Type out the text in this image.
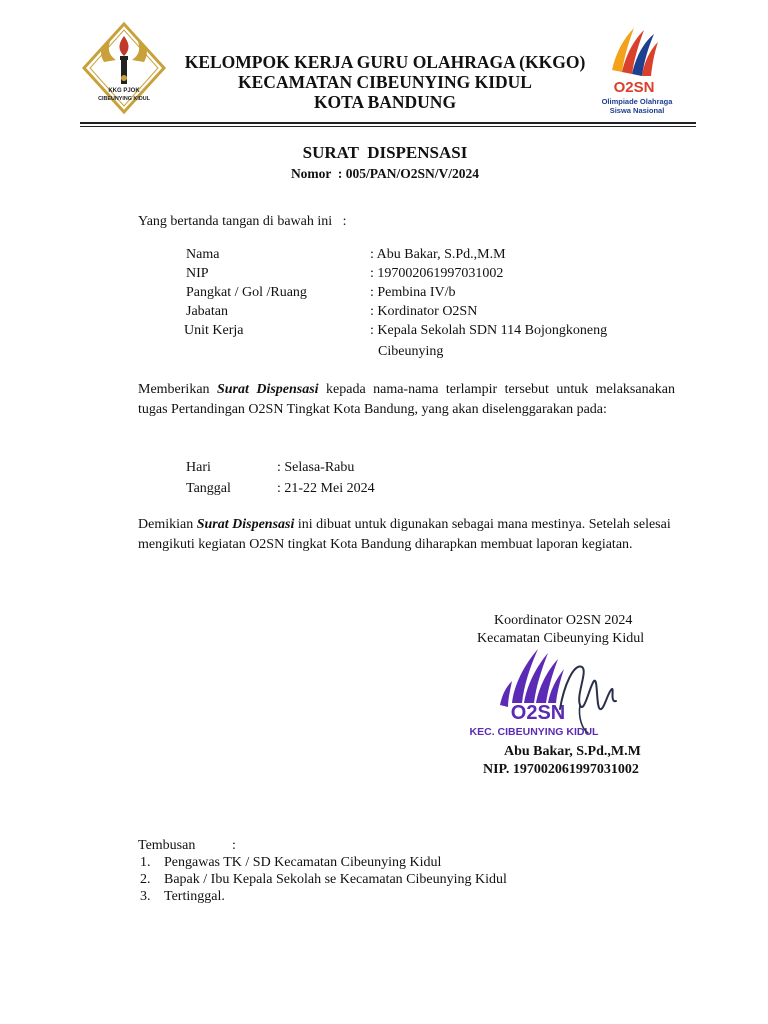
KKG PJOK
CIBEUNYING KIDUL
KELOMPOK KERJA GURU OLAHRAGA (KKGO)
KECAMATAN CIBEUNYING KIDUL
KOTA BANDUNG
O2SN
Olimpiade Olahraga
Siswa Nasional
SURAT  DISPENSASI
Nomor  : 005/PAN/O2SN/V/2024
Yang bertanda tangan di bawah ini   :
Nama	: Abu Bakar, S.Pd.,M.M
NIP	: 197002061997031002
Pangkat / Gol /Ruang	: Pembina IV/b
Jabatan	: Kordinator O2SN
Unit Kerja	: Kepala Sekolah SDN 114 Bojongkoneng
Cibeunying
Memberikan Surat Dispensasi kepada nama-nama terlampir tersebut untuk melaksanakan tugas Pertandingan O2SN Tingkat Kota Bandung, yang akan diselenggarakan pada:
Hari	: Selasa-Rabu
Tanggal	: 21-22 Mei 2024
Demikian Surat Dispensasi ini dibuat untuk digunakan sebagai mana mestinya. Setelah selesai mengikuti kegiatan O2SN tingkat Kota Bandung diharapkan membuat laporan kegiatan.
Koordinator O2SN 2024
Kecamatan Cibeunying Kidul
O2SN
KEC. CIBEUNYING KIDUL
Abu Bakar, S.Pd.,M.M
NIP. 197002061997031002
Tembusan	:
1. Pengawas TK / SD Kecamatan Cibeunying Kidul
2. Bapak / Ibu Kepala Sekolah se Kecamatan Cibeunying Kidul
3. Tertinggal.
